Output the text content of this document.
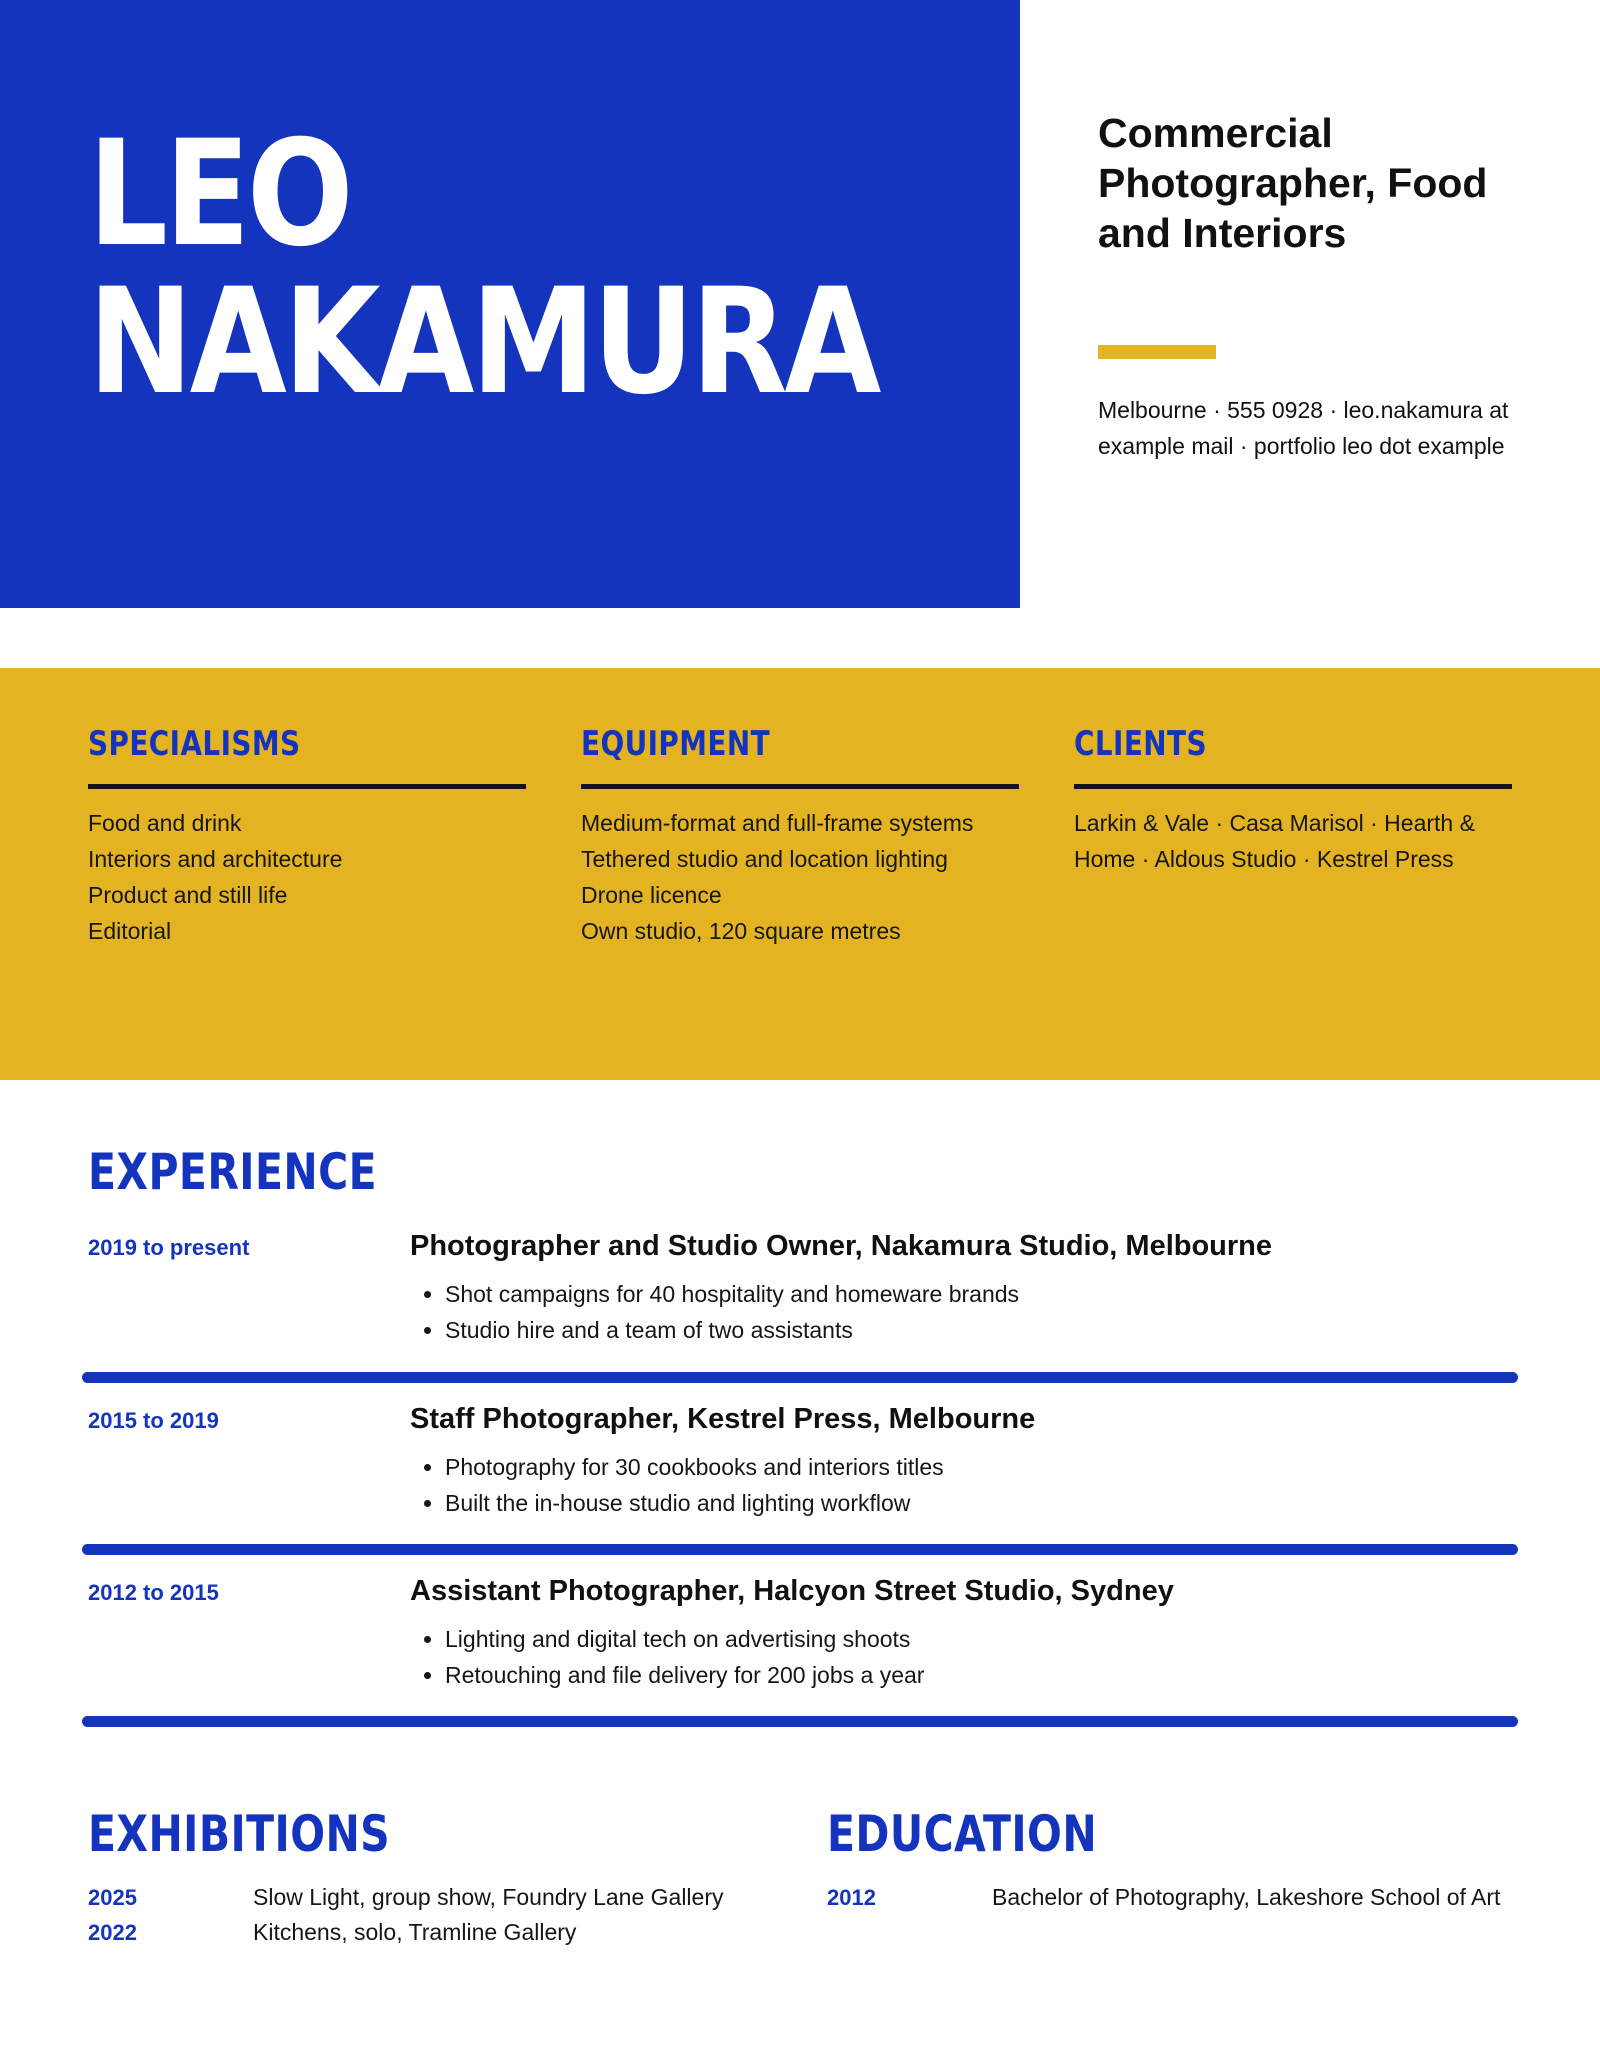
LEO
NAKAMURA
Commercial Photographer, Food and Interiors

Melbourne · 555 0928 · leo.nakamura at example mail · portfolio leo dot example

SPECIALISMS
Food and drink
Interiors and architecture
Product and still life
Editorial
EQUIPMENT
Medium-format and full-frame systems
Tethered studio and location lighting
Drone licence
Own studio, 120 square metres
CLIENTS

Larkin & Vale · Casa Marisol · Hearth & Home · Aldous Studio · Kestrel Press

EXPERIENCE
2019 to present	Photographer and Studio Owner, Nakamura Studio, Melbourne
• Shot campaigns for 40 hospitality and homeware brands
• Studio hire and a team of two assistants
2015 to 2019	Staff Photographer, Kestrel Press, Melbourne
• Photography for 30 cookbooks and interiors titles
• Built the in-house studio and lighting workflow
2012 to 2015	Assistant Photographer, Halcyon Street Studio, Sydney
• Lighting and digital tech on advertising shoots
• Retouching and file delivery for 200 jobs a year
EXHIBITIONS
2025	Slow Light, group show, Foundry Lane Gallery
2022	Kitchens, solo, Tramline Gallery
EDUCATION
2012	Bachelor of Photography, Lakeshore School of Art
